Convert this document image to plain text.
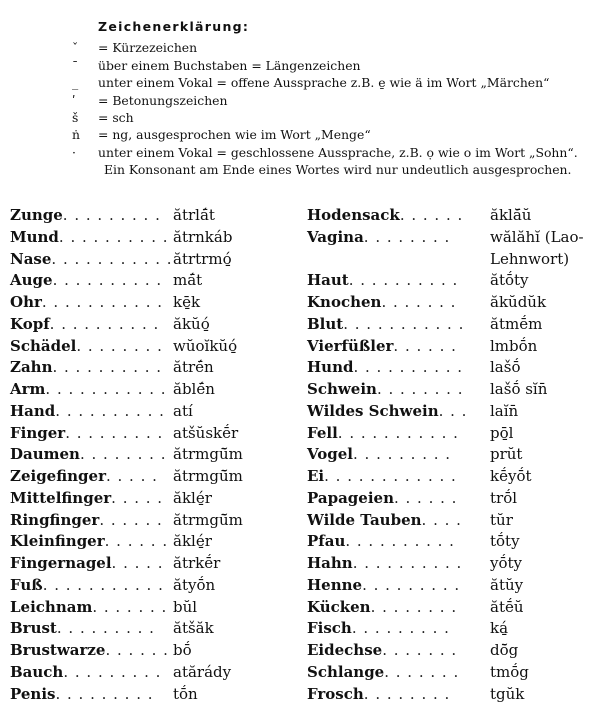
Zeichenerklärung:
ˇ	= Kürzezeichen
¯	über einem Buchstaben = Längenzeichen
_	unter einem Vokal = offene Aussprache z.B. e̱ wie ä im Wort „Märchen“
ʹ	= Betonungszeichen
š	= sch
ṅ	= ng, ausgesprochen wie im Wort „Menge“
·	unter einem Vokal = geschlossene Aussprache, z.B. ọ wie o im Wort „Sohn“.
Ein Konsonant am Ende eines Wortes wird nur undeutlich ausgesprochen.
Zunge . . . . . . . . . ătrlá̄t
Mund . . . . . . . . . . ătrnkáb
Nase . . . . . . . . . . . ătrtrmó̱
Auge . . . . . . . . . . má̄t
Ohr . . . . . . . . . . . kē̱k
Kopf . . . . . . . . . . ăkŭó̱
Schädel . . . . . . . . wŭoĭkŭó̱
Zahn . . . . . . . . . . ătré̄n
Arm . . . . . . . . . . . ăblé̄n
Hand . . . . . . . . . . atí
Finger . . . . . . . . . atšŭskḗr
Daumen . . . . . . . . ătrmgū̆m
Zeigefinger . . . . . ătrmgū̆m
Mittelfinger . . . . . ăklé̱r
Ringfinger . . . . . . ătrmgū̆m
Kleinfinger . . . . . . ăklé̱r
Fingernagel . . . . . ătrkḗr
Fuß . . . . . . . . . . . ătyṓn
Leichnam . . . . . . . bŭl
Brust . . . . . . . . . ătšăk
Brustwarze . . . . . . bṓ
Bauch . . . . . . . . . atărády
Penis . . . . . . . . . tṓn
Hodensack . . . . . . ăklă̄ŭ
Vagina . . . . . . . .	wălăhĭ (Lao-
Lehnwort)
Haut . . . . . . . . . . ătṓty
Knochen . . . . . . . ăkŭdŭk
Blut . . . . . . . . . . . ătmḗm
Vierfüßler . . . . . . lmbṓn
Hund . . . . . . . . . . lašṓ
Schwein . . . . . . . . lašṓ sĭn̄
Wildes Schwein . . . laĭn̄
Fell . . . . . . . . . . . pō̱l
Vogel . . . . . . . . .	prŭt
Ei . . . . . . . . . . . . kḗyṓt
Papageien . . . . . . trṓl
Wilde Tauben . . . . tŭr
Pfau . . . . . . . . . . tṓty
Hahn . . . . . . . . . . yṓty
Henne . . . . . . . . . ătŭy
Kücken . . . . . . . . ătḗŭ
Fisch . . . . . . . . .	ká̱
Eidechse . . . . . . . dō̆g
Schlange . . . . . . . tmṓg
Frosch . . . . . . . .	tgŭk
